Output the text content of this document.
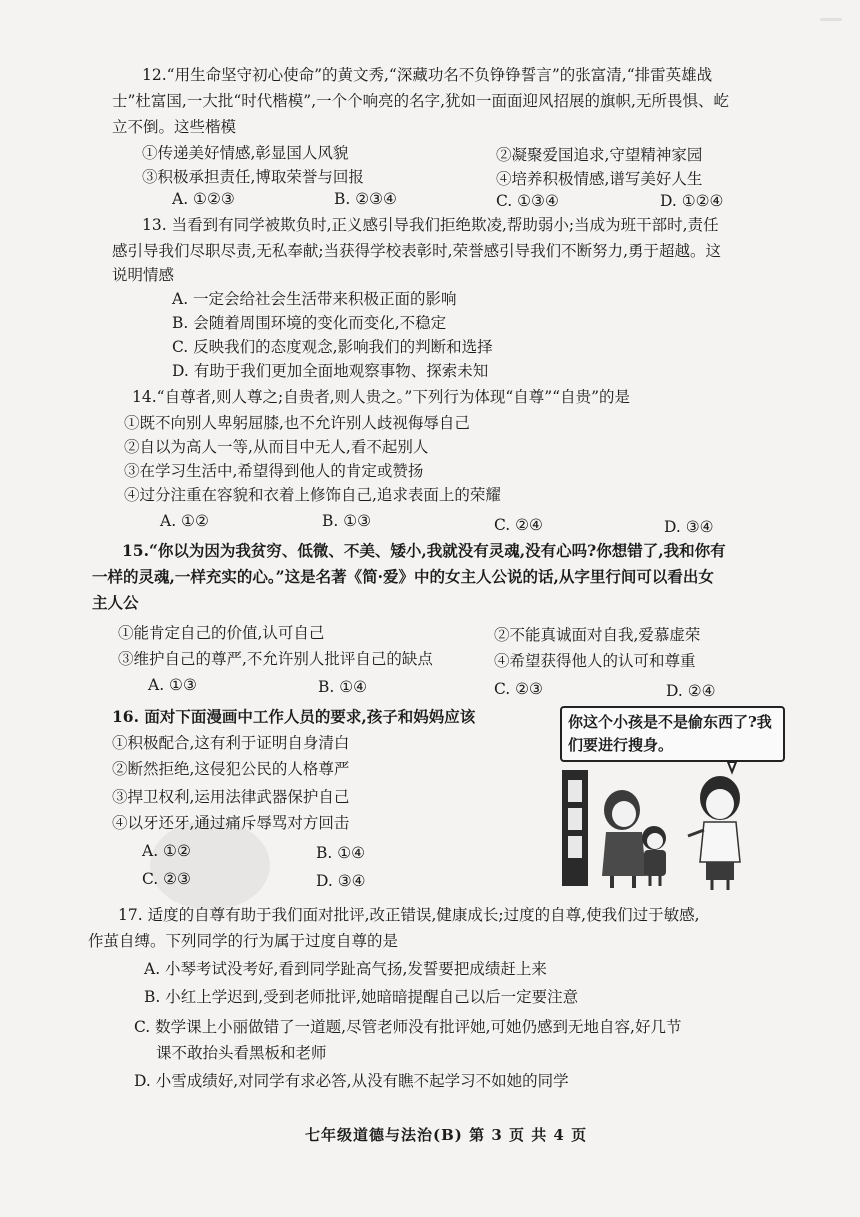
12.“用生命坚守初心使命”的黄文秀,“深藏功名不负铮铮誓言”的张富清,“排雷英雄战
士”杜富国,一大批“时代楷模”,一个个响亮的名字,犹如一面面迎风招展的旗帜,无所畏惧、屹
立不倒。这些楷模
①传递美好情感,彰显国人风貌	②凝聚爱国追求,守望精神家园
③积极承担责任,博取荣誉与回报	④培养积极情感,谱写美好人生
A. ①②③	B. ②③④	C. ①③④	D. ①②④
13. 当看到有同学被欺负时,正义感引导我们拒绝欺凌,帮助弱小;当成为班干部时,责任
感引导我们尽职尽责,无私奉献;当获得学校表彰时,荣誉感引导我们不断努力,勇于超越。这
说明情感
A. 一定会给社会生活带来积极正面的影响
B. 会随着周围环境的变化而变化,不稳定
C. 反映我们的态度观念,影响我们的判断和选择
D. 有助于我们更加全面地观察事物、探索未知
14.“自尊者,则人尊之;自贵者,则人贵之。”下列行为体现“自尊”“自贵”的是
①既不向别人卑躬屈膝,也不允许别人歧视侮辱自己
②自以为高人一等,从而目中无人,看不起别人
③在学习生活中,希望得到他人的肯定或赞扬
④过分注重在容貌和衣着上修饰自己,追求表面上的荣耀
A. ①②	B. ①③	C. ②④	D. ③④
15.“你以为因为我贫穷、低微、不美、矮小,我就没有灵魂,没有心吗?你想错了,我和你有
一样的灵魂,一样充实的心。”这是名著《简·爱》中的女主人公说的话,从字里行间可以看出女
主人公
①能肯定自己的价值,认可自己	②不能真诚面对自我,爱慕虚荣
③维护自己的尊严,不允许别人批评自己的缺点	④希望获得他人的认可和尊重
A. ①③	B. ①④	C. ②③	D. ②④
16. 面对下面漫画中工作人员的要求,孩子和妈妈应该
①积极配合,这有利于证明自身清白
②断然拒绝,这侵犯公民的人格尊严
③捍卫权利,运用法律武器保护自己
④以牙还牙,通过痛斥辱骂对方回击
A. ①②	B. ①④
C. ②③	D. ③④
你这个小孩是不是偷东西了?我们要进行搜身。
17. 适度的自尊有助于我们面对批评,改正错误,健康成长;过度的自尊,使我们过于敏感,
作茧自缚。下列同学的行为属于过度自尊的是
A. 小琴考试没考好,看到同学趾高气扬,发誓要把成绩赶上来
B. 小红上学迟到,受到老师批评,她暗暗提醒自己以后一定要注意
C. 数学课上小丽做错了一道题,尽管老师没有批评她,可她仍感到无地自容,好几节
课不敢抬头看黑板和老师
D. 小雪成绩好,对同学有求必答,从没有瞧不起学习不如她的同学
七年级道德与法治(B) 第 3 页 共 4 页
